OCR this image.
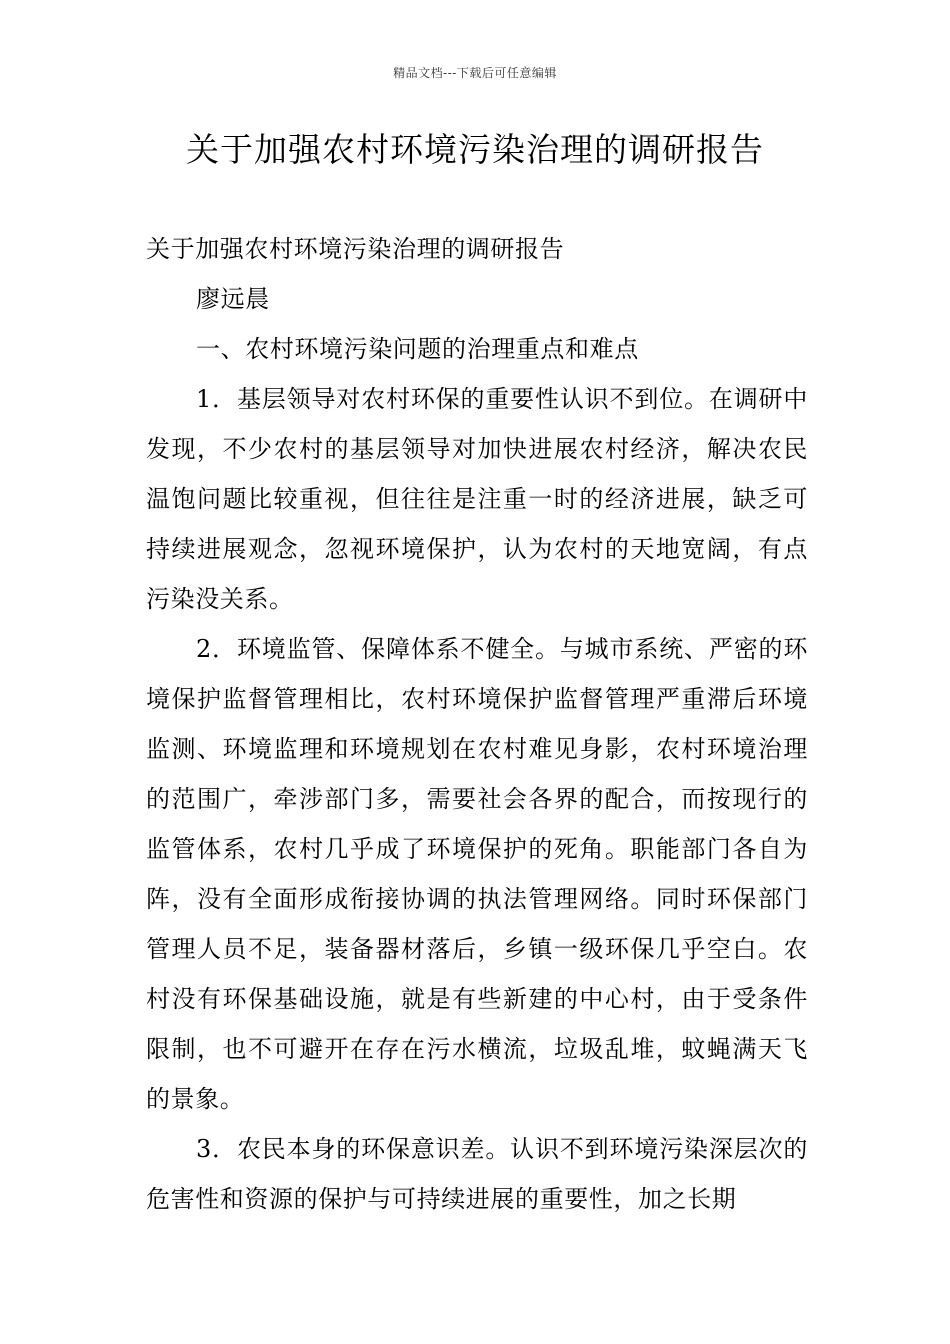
精品文档---下载后可任意编辑
关于加强农村环境污染治理的调研报告

关于加强农村环境污染治理的调研报告

廖远晨

一、农村环境污染问题的治理重点和难点

1．基层领导对农村环保的重要性认识不到位。在调研中发现，不少农村的基层领导对加快进展农村经济，解决农民温饱问题比较重视，但往往是注重一时的经济进展，缺乏可持续进展观念，忽视环境保护，认为农村的天地宽阔，有点污染没关系。

2．环境监管、保障体系不健全。与城市系统、严密的环境保护监督管理相比，农村环境保护监督管理严重滞后环境监测、环境监理和环境规划在农村难见身影，农村环境治理的范围广，牵涉部门多，需要社会各界的配合，而按现行的监管体系，农村几乎成了环境保护的死角。职能部门各自为阵，没有全面形成衔接协调的执法管理网络。同时环保部门管理人员不足，装备器材落后，乡镇一级环保几乎空白。农村没有环保基础设施，就是有些新建的中心村，由于受条件限制，也不可避开在存在污水横流，垃圾乱堆，蚊蝇满天飞的景象。

3．农民本身的环保意识差。认识不到环境污染深层次的危害性和资源的保护与可持续进展的重要性，加之长期
